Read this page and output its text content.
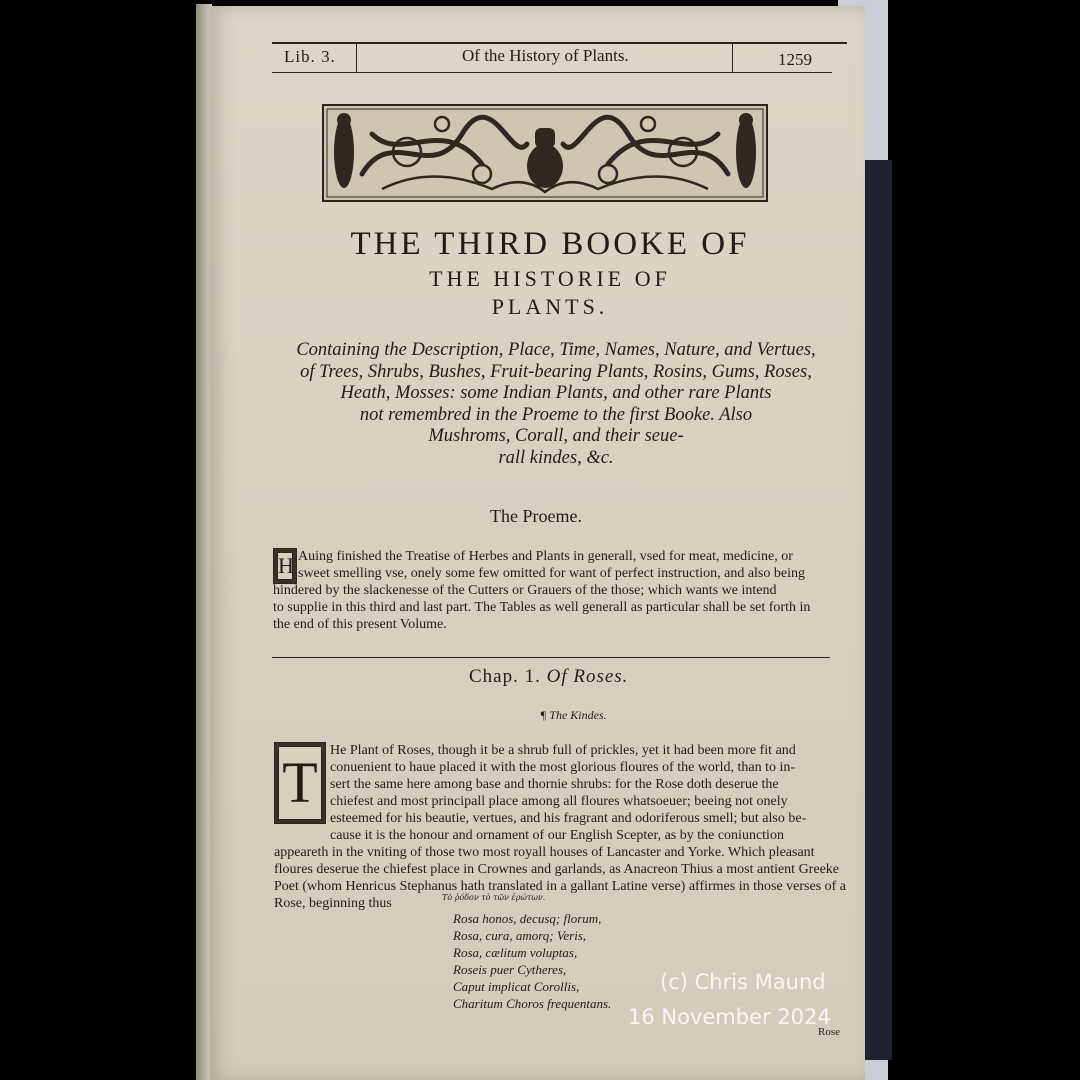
Lib. 3.	Of the History of Plants.	1259
THE THIRD BOOKE OF
THE HISTORIE OF
PLANTS.
Containing the Description, Place, Time, Names, Nature, and Vertues,
of Trees, Shrubs, Bushes, Fruit-bearing Plants, Rosins, Gums, Roses,
Heath, Mosses: some Indian Plants, and other rare Plants
not remembred in the Proeme to the first Booke. Also
Mushroms, Corall, and their seue-
rall kindes, &c.
The Proeme.
H Auing finished the Treatise of Herbes and Plants in generall, vsed for meat, medicine, or
sweet smelling vse, onely some few omitted for want of perfect instruction, and also being
hindered by the slackenesse of the Cutters or Grauers of the those; which wants we intend
to supplie in this third and last part. The Tables as well generall as particular shall be set forth in
the end of this present Volume.
Chap. 1. Of Roses.
¶ The Kindes.
T He Plant of Roses, though it be a shrub full of prickles, yet it had been more fit and
conuenient to haue placed it with the most glorious floures of the world, than to in-
sert the same here among base and thornie shrubs: for the Rose doth deserue the
chiefest and most principall place among all floures whatsoeuer; beeing not onely
esteemed for his beautie, vertues, and his fragrant and odoriferous smell; but also be-
cause it is the honour and ornament of our English Scepter, as by the coniunction
appeareth in the vniting of those two most royall houses of Lancaster and Yorke. Which pleasant
floures deserue the chiefest place in Crownes and garlands, as Anacreon Thius a most antient Greeke
Poet (whom Henricus Stephanus hath translated in a gallant Latine verse) affirmes in those verses of a
Rose, beginning thus	Τὸ ῥόδον τὸ τῶν ἐρώτων.
Rosa honos, decusq; florum,
Rosa, cura, amorq; Veris,
Rosa, cælitum voluptas,
Roseis puer Cytheres,
Caput implicat Corollis,
Charitum Choros frequentans.
Rose
(c) Chris Maund
16 November 2024
